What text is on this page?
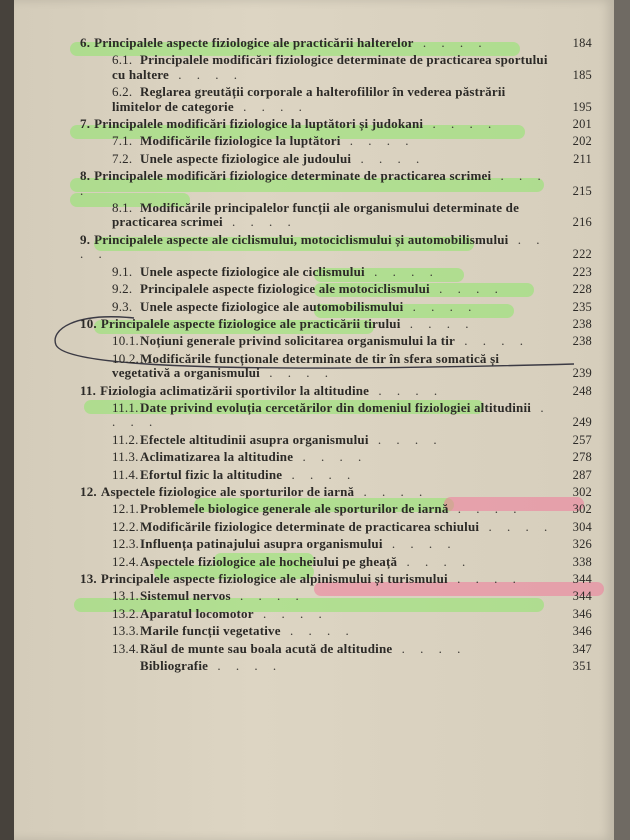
6. Principalele aspecte fiziologice ale practicării halterelor . . . .	184
6.1. Principalele modificări fiziologice determinate de practicarea sportului cu haltere . . . .	185
6.2. Reglarea greutății corporale a halterofililor în vederea păstrării limitelor de categorie . . . .	195
7. Principalele modificări fiziologice la luptători și judokani . . . .	201
7.1. Modificările fiziologice la luptători . . . .	202
7.2. Unele aspecte fiziologice ale judoului . . . .	211
8. Principalele modificări fiziologice determinate de practicarea scrimei . . . .	215
8.1. Modificările principalelor funcții ale organismului determinate de practicarea scrimei . . . .	216
9. Principalele aspecte ale ciclismului, motociclismului și automobilismului . . . .	222
9.1. Unele aspecte fiziologice ale ciclismului . . . .	223
9.2. Principalele aspecte fiziologice ale motociclismului . . . .	228
9.3. Unele aspecte fiziologice ale automobilismului . . . .	235
10. Principalele aspecte fiziologice ale practicării tirului . . . .	238
10.1.Noțiuni generale privind solicitarea organismului la tir . . . .	238
10.2.Modificările funcționale determinate de tir în sfera somatică și vegetativă a organismului . . . .	239
11. Fiziologia aclimatizării sportivilor la altitudine . . . .	248
11.1.Date privind evoluția cercetărilor din domeniul fiziologiei altitudinii . . . .	249
11.2.Efectele altitudinii asupra organismului . . . .	257
11.3.Aclimatizarea la altitudine . . . .	278
11.4.Efortul fizic la altitudine . . . .	287
12. Aspectele fiziologice ale sporturilor de iarnă . . . .	302
12.1.Problemele biologice generale ale sporturilor de iarnă . . . .	302
12.2.Modificările fiziologice determinate de practicarea schiului . . . .	304
12.3.Influența patinajului asupra organismului . . . .	326
12.4.Aspectele fiziologice ale hocheiului pe gheață . . . .	338
13. Principalele aspecte fiziologice ale alpinismului și turismului . . . .	344
13.1.Sistemul nervos . . . .	344
13.2.Aparatul locomotor . . . .	346
13.3.Marile funcții vegetative . . . .	346
13.4.Răul de munte sau boala acută de altitudine . . . .	347
Bibliografie . . . .	351
